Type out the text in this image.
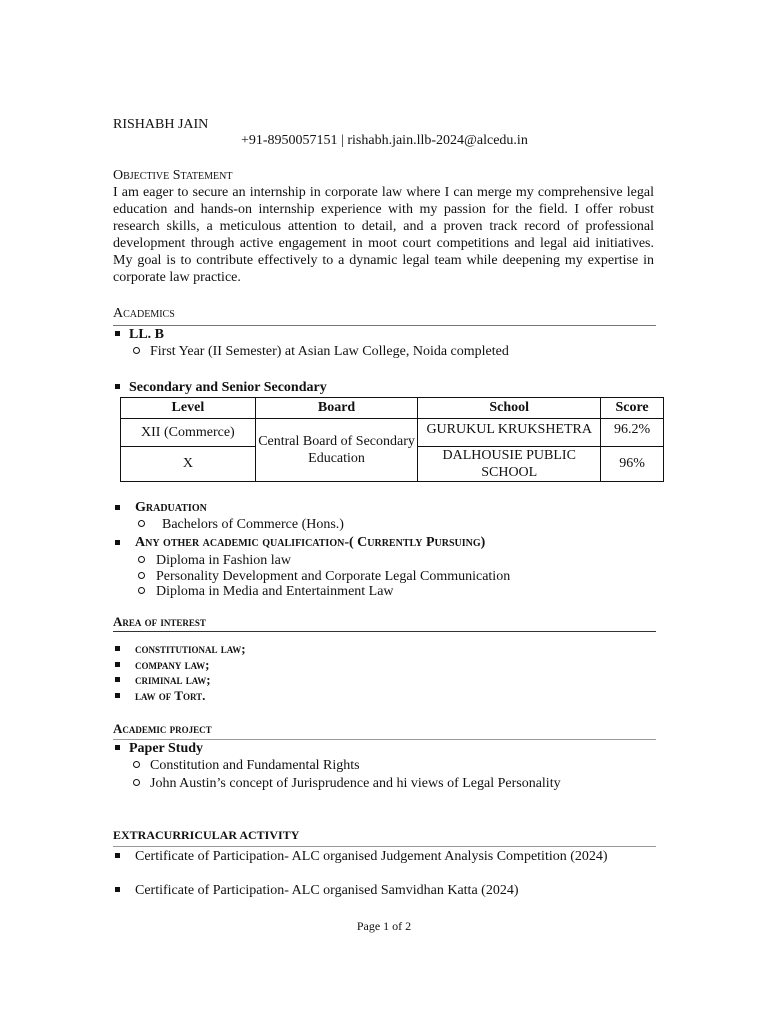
RISHABH JAIN
+91-8950057151 | rishabh.jain.llb-2024@alcedu.in
Objective Statement
I am eager to secure an internship in corporate law where I can merge my comprehensive legal education and hands-on internship experience with my passion for the field. I offer robust research skills, a meticulous attention to detail, and a proven track record of professional development through active engagement in moot court competitions and legal aid initiatives. My goal is to contribute effectively to a dynamic legal team while deepening my expertise in corporate law practice.
Academics
LL. B
First Year (II Semester) at Asian Law College, Noida completed
Secondary and Senior Secondary
Level	Board	School	Score
XII (Commerce)	Central Board of Secondary Education	GURUKUL KRUKSHETRA	96.2%
X		DALHOUSIE PUBLIC SCHOOL	96%
Graduation
Bachelors of Commerce (Hons.)
Any other academic qualification-( Currently Pursuing)
Diploma in Fashion law
Personality Development and Corporate Legal Communication
Diploma in Media and Entertainment Law
Area of interest
constitutional law;
company law;
criminal law;
law of Tort.
Academic project
Paper Study
Constitution and Fundamental Rights
John Austin’s concept of Jurisprudence and hi views of Legal Personality
EXTRACURRICULAR ACTIVITY
Certificate of Participation- ALC organised Judgement Analysis Competition (2024)
Certificate of Participation- ALC organised Samvidhan Katta (2024)
Page 1 of 2
